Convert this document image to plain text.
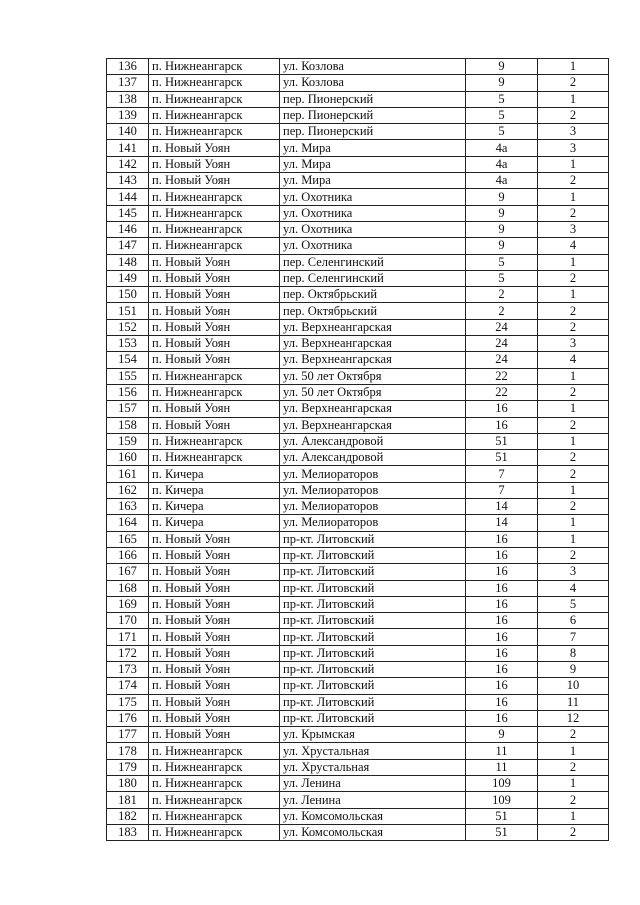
136	п. Нижнеангарск	ул. Козлова	9	1
137	п. Нижнеангарск	ул. Козлова	9	2
138	п. Нижнеангарск	пер. Пионерский	5	1
139	п. Нижнеангарск	пер. Пионерский	5	2
140	п. Нижнеангарск	пер. Пионерский	5	3
141	п. Новый Уоян	ул. Мира	4а	3
142	п. Новый Уоян	ул. Мира	4а	1
143	п. Новый Уоян	ул. Мира	4а	2
144	п. Нижнеангарск	ул. Охотника	9	1
145	п. Нижнеангарск	ул. Охотника	9	2
146	п. Нижнеангарск	ул. Охотника	9	3
147	п. Нижнеангарск	ул. Охотника	9	4
148	п. Новый Уоян	пер. Селенгинский	5	1
149	п. Новый Уоян	пер. Селенгинский	5	2
150	п. Новый Уоян	пер. Октябрьский	2	1
151	п. Новый Уоян	пер. Октябрьский	2	2
152	п. Новый Уоян	ул. Верхнеангарская	24	2
153	п. Новый Уоян	ул. Верхнеангарская	24	3
154	п. Новый Уоян	ул. Верхнеангарская	24	4
155	п. Нижнеангарск	ул. 50 лет Октября	22	1
156	п. Нижнеангарск	ул. 50 лет Октября	22	2
157	п. Новый Уоян	ул. Верхнеангарская	16	1
158	п. Новый Уоян	ул. Верхнеангарская	16	2
159	п. Нижнеангарск	ул. Александровой	51	1
160	п. Нижнеангарск	ул. Александровой	51	2
161	п. Кичера	ул. Мелиораторов	7	2
162	п. Кичера	ул. Мелиораторов	7	1
163	п. Кичера	ул. Мелиораторов	14	2
164	п. Кичера	ул. Мелиораторов	14	1
165	п. Новый Уоян	пр-кт. Литовский	16	1
166	п. Новый Уоян	пр-кт. Литовский	16	2
167	п. Новый Уоян	пр-кт. Литовский	16	3
168	п. Новый Уоян	пр-кт. Литовский	16	4
169	п. Новый Уоян	пр-кт. Литовский	16	5
170	п. Новый Уоян	пр-кт. Литовский	16	6
171	п. Новый Уоян	пр-кт. Литовский	16	7
172	п. Новый Уоян	пр-кт. Литовский	16	8
173	п. Новый Уоян	пр-кт. Литовский	16	9
174	п. Новый Уоян	пр-кт. Литовский	16	10
175	п. Новый Уоян	пр-кт. Литовский	16	11
176	п. Новый Уоян	пр-кт. Литовский	16	12
177	п. Новый Уоян	ул. Крымская	9	2
178	п. Нижнеангарск	ул. Хрустальная	11	1
179	п. Нижнеангарск	ул. Хрустальная	11	2
180	п. Нижнеангарск	ул. Ленина	109	1
181	п. Нижнеангарск	ул. Ленина	109	2
182	п. Нижнеангарск	ул. Комсомольская	51	1
183	п. Нижнеангарск	ул. Комсомольская	51	2
